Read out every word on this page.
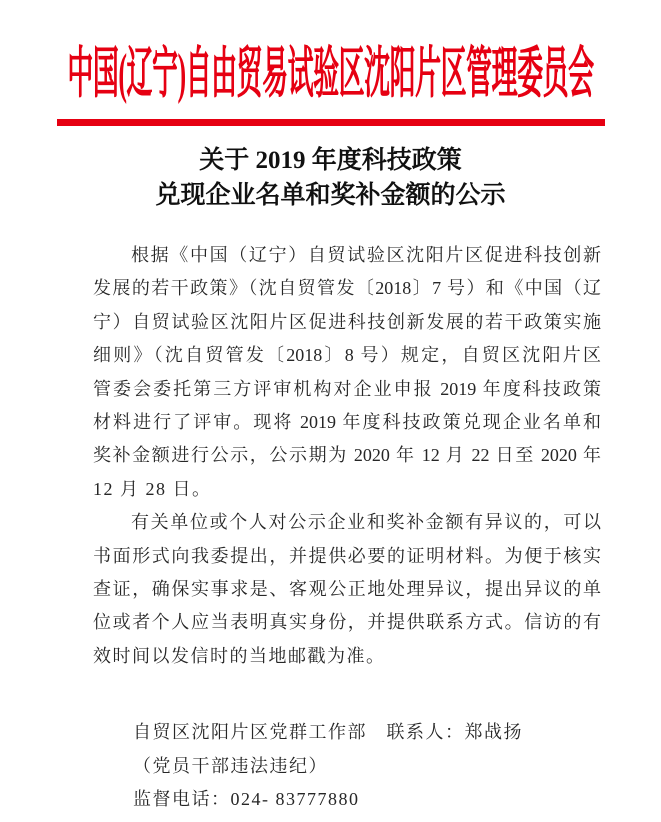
中国(辽宁)自由贸易试验区沈阳片区管理委员会
关于 2019 年度科技政策
兑现企业名单和奖补金额的公示
根据《中国（辽宁）自贸试验区沈阳片区促进科技创新
发展的若干政策》（沈自贸管发〔2018〕7 号）和《中国（辽
宁）自贸试验区沈阳片区促进科技创新发展的若干政策实施
细则》（沈自贸管发〔2018〕8 号）规定，自贸区沈阳片区
管委会委托第三方评审机构对企业申报 2019 年度科技政策
材料进行了评审。现将 2019 年度科技政策兑现企业名单和
奖补金额进行公示，公示期为 2020 年 12 月 22 日至 2020 年
12 月 28 日。
有关单位或个人对公示企业和奖补金额有异议的，可以
书面形式向我委提出，并提供必要的证明材料。为便于核实
查证，确保实事求是、客观公正地处理异议，提出异议的单
位或者个人应当表明真实身份，并提供联系方式。信访的有
效时间以发信时的当地邮戳为准。
自贸区沈阳片区党群工作部　联系人：郑战扬
（党员干部违法违纪）
监督电话：024- 83777880
